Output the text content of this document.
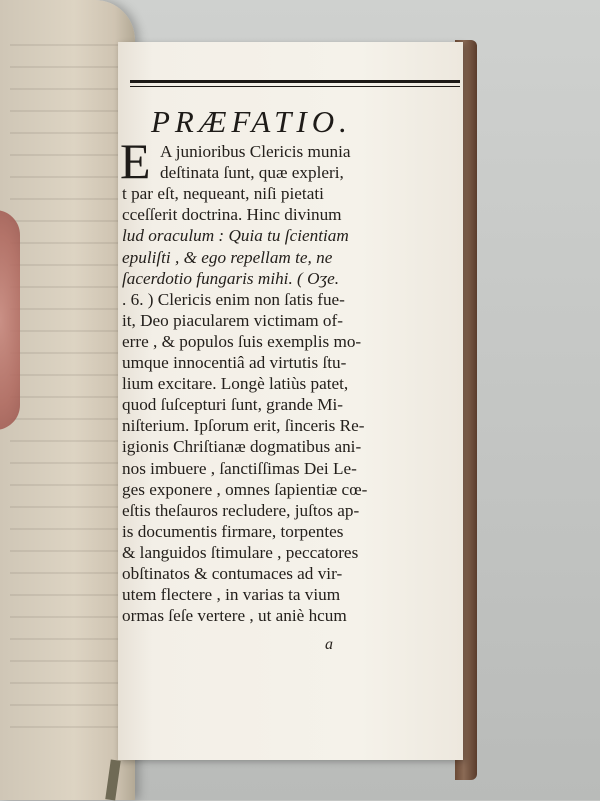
PRÆFATIO.
E A junioribus Clericis munia
deſtinata ſunt, quæ expleri,
t par eſt, nequeant, niſi pietati
cceſſerit doctrina. Hinc divinum
lud oraculum : Quia tu ſcientiam
epuliſti , & ego repellam te, ne
ſacerdotio fungaris mihi. ( Oʒe.
. 6. ) Clericis enim non ſatis fue-
it, Deo piacularem victimam of-
erre , & populos ſuis exemplis mo-
umque innocentiâ ad virtutis ſtu-
lium excitare. Longè latiùs patet,
quod ſuſcepturi ſunt, grande Mi-
niſterium. Ipſorum erit, ſinceris Re-
igionis Chriſtianæ dogmatibus ani-
nos imbuere , ſanctiſſimas Dei Le-
ges exponere , omnes ſapientiæ cœ-
eſtis theſauros recludere, juſtos ap-
is documentis firmare, torpentes
& languidos ſtimulare , peccatores
obſtinatos & contumaces ad vir-
utem flectere , in varias ta vium
ormas ſeſe vertere , ut aniè hcum
a
